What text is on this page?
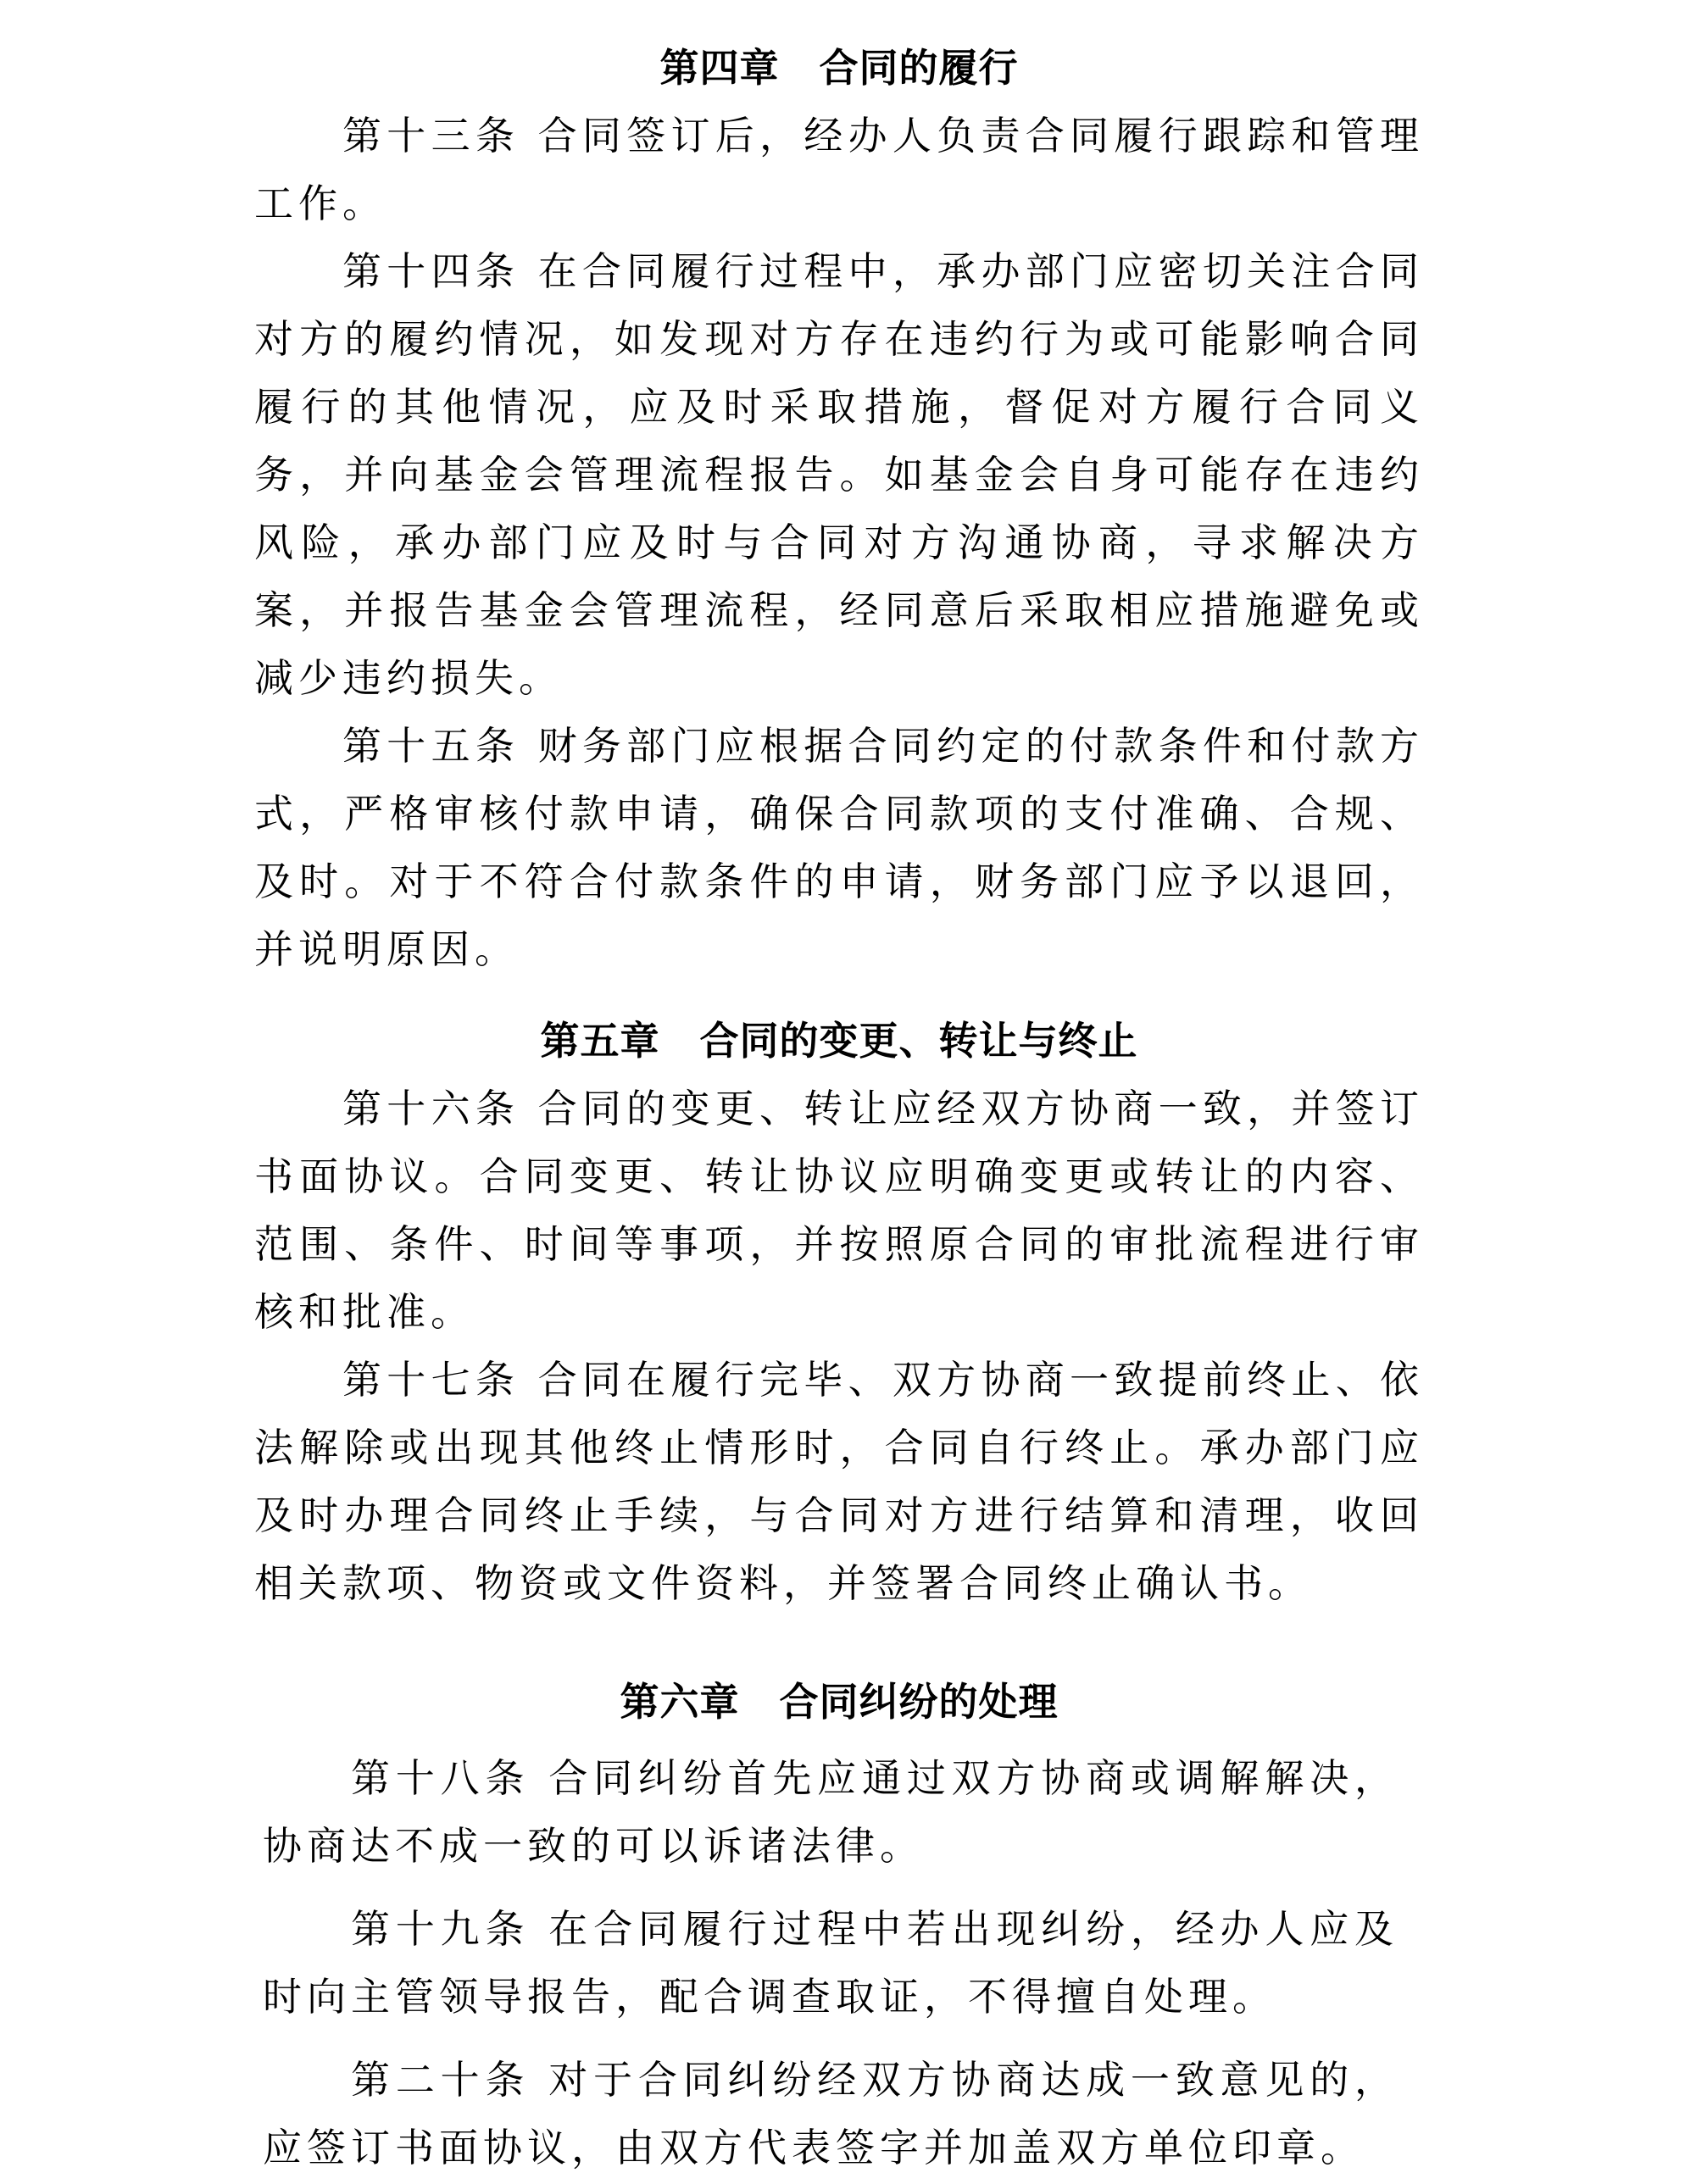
第四章　合同的履行

第十三条  合同签订后，经办人负责合同履行跟踪和管理工作。

第十四条  在合同履行过程中，承办部门应密切关注合同对方的履约情况，如发现对方存在违约行为或可能影响合同履行的其他情况，应及时采取措施，督促对方履行合同义务，并向基金会管理流程报告。如基金会自身可能存在违约风险，承办部门应及时与合同对方沟通协商，寻求解决方案，并报告基金会管理流程，经同意后采取相应措施避免或减少违约损失。

第十五条  财务部门应根据合同约定的付款条件和付款方式，严格审核付款申请，确保合同款项的支付准确、合规、及时。对于不符合付款条件的申请，财务部门应予以退回，并说明原因。

第五章　合同的变更、转让与终止

第十六条  合同的变更、转让应经双方协商一致，并签订书面协议。合同变更、转让协议应明确变更或转让的内容、范围、条件、时间等事项，并按照原合同的审批流程进行审核和批准。

第十七条  合同在履行完毕、双方协商一致提前终止、依法解除或出现其他终止情形时，合同自行终止。承办部门应及时办理合同终止手续，与合同对方进行结算和清理，收回相关款项、物资或文件资料，并签署合同终止确认书。

第六章　合同纠纷的处理

第十八条  合同纠纷首先应通过双方协商或调解解决，协商达不成一致的可以诉诸法律。

第十九条  在合同履行过程中若出现纠纷，经办人应及时向主管领导报告，配合调查取证，不得擅自处理。

第二十条  对于合同纠纷经双方协商达成一致意见的，应签订书面协议，由双方代表签字并加盖双方单位印章。
